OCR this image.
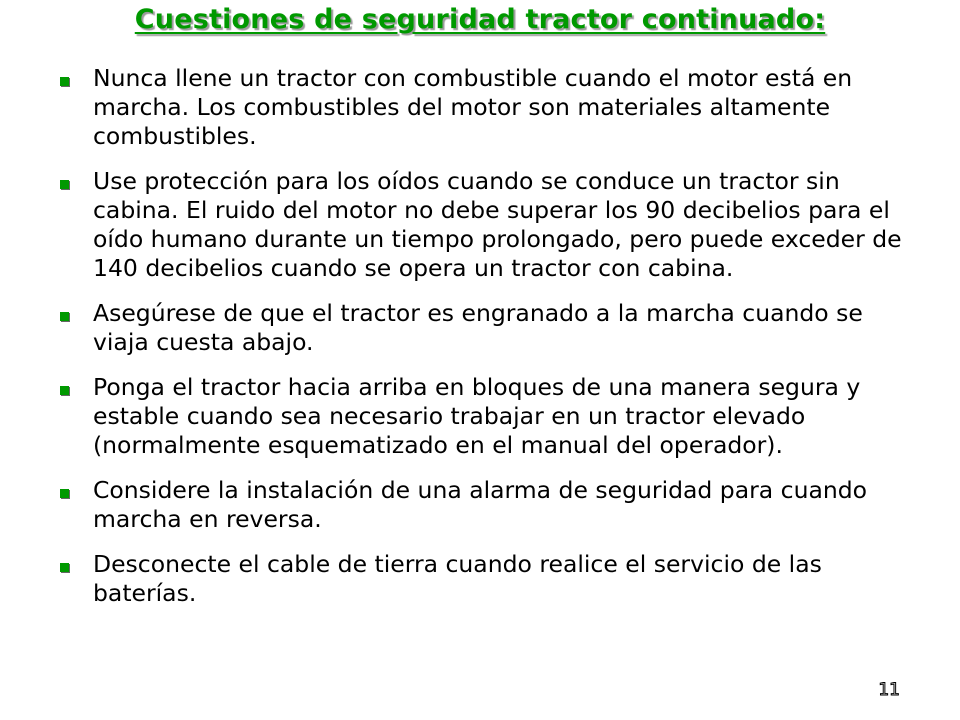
Cuestiones de seguridad tractor continuado:
Nunca llene un tractor con combustible cuando el motor está en marcha. Los combustibles del motor son materiales altamente combustibles.
Use protección para los oídos cuando se conduce un tractor sin cabina. El ruido del motor no debe superar los 90 decibelios para el oído humano durante un tiempo prolongado, pero puede exceder de 140 decibelios cuando se opera un tractor con cabina.
Asegúrese de que el tractor es engranado a la marcha cuando se viaja cuesta abajo.
Ponga el tractor hacia arriba en bloques de una manera segura y estable cuando sea necesario trabajar en un tractor elevado (normalmente esquematizado en el manual del operador).
Considere la instalación de una alarma de seguridad para cuando marcha en reversa.
Desconecte el cable de tierra cuando realice el servicio de las baterías.
11
